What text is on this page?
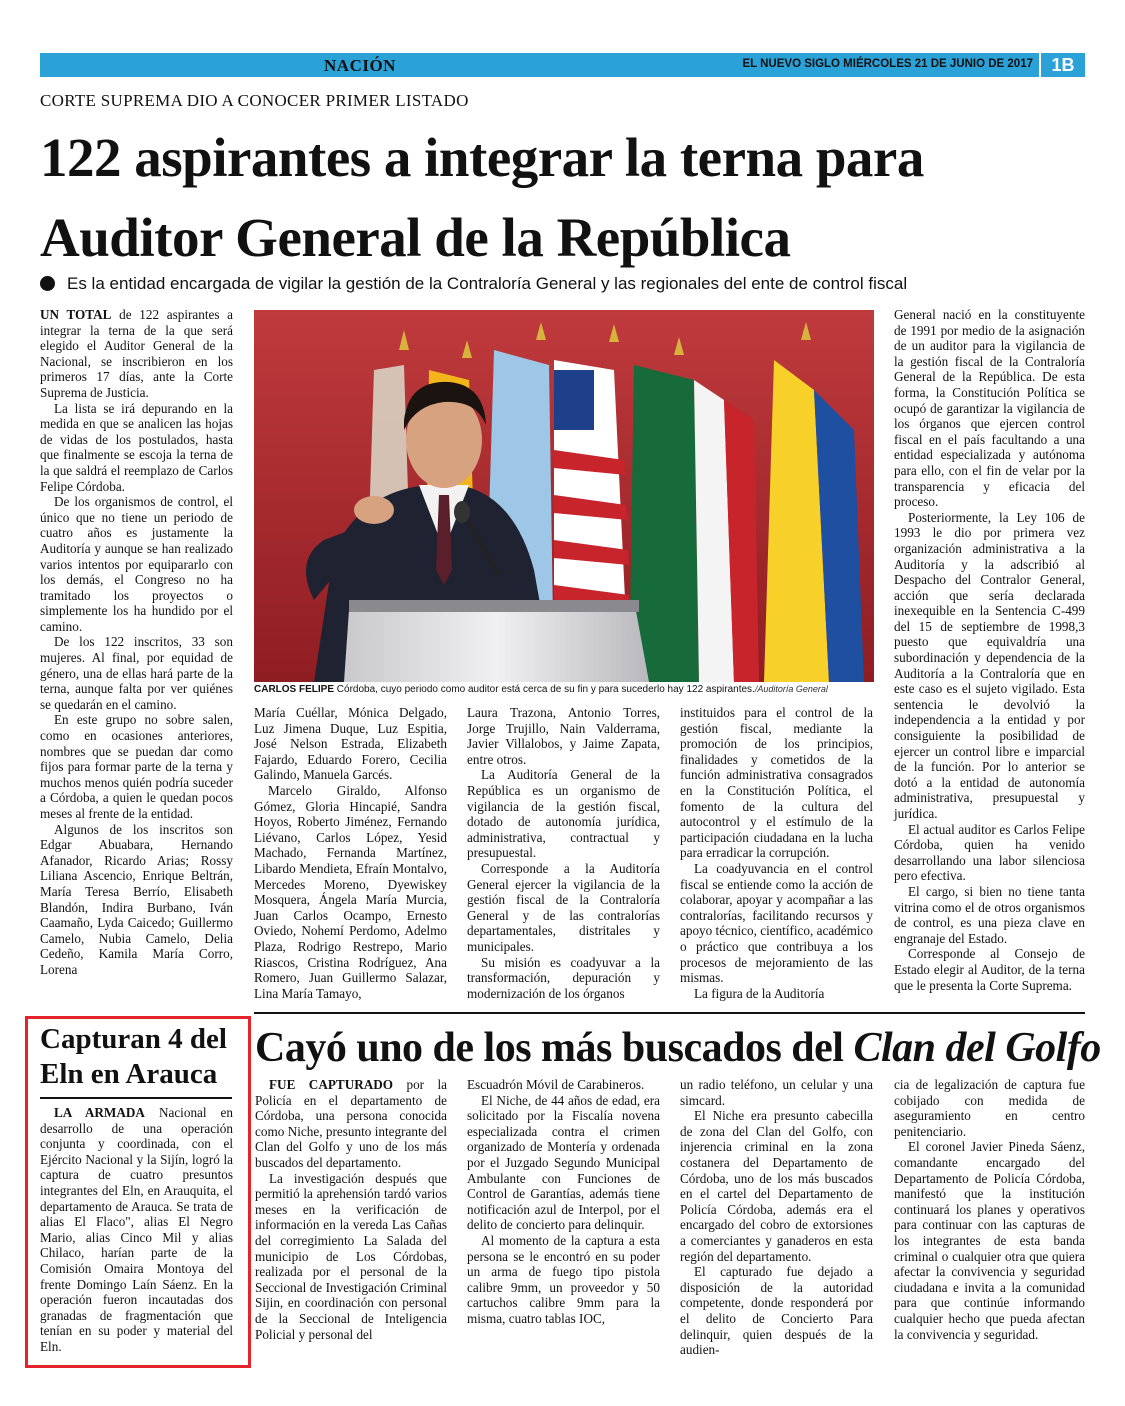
NACIÓN	EL NUEVO SIGLO MIÉRCOLES 21 DE JUNIO DE 2017	1B
CORTE SUPREMA DIO A CONOCER PRIMER LISTADO
122 aspirantes a integrar la terna para
Auditor General de la República
Es la entidad encargada de vigilar la gestión de la Contraloría General y las regionales del ente de control fiscal

UN TOTAL de 122 aspirantes a integrar la terna de la que será elegido el Auditor General de la Nacional, se inscribieron en los primeros 17 días, ante la Corte Suprema de Justicia.

La lista se irá depurando en la medida en que se analicen las hojas de vidas de los postulados, hasta que finalmente se escoja la terna de la que saldrá el reemplazo de Carlos Felipe Córdoba.

De los organismos de control, el único que no tiene un periodo de cuatro años es justamente la Auditoría y aunque se han realizado varios intentos por equipararlo con los demás, el Congreso no ha tramitado los proyectos o simplemente los ha hundido por el camino.

De los 122 inscritos, 33 son mujeres. Al final, por equidad de género, una de ellas hará parte de la terna, aunque falta por ver quiénes se quedarán en el camino.

En este grupo no sobre salen, como en ocasiones anteriores, nombres que se puedan dar como fijos para formar parte de la terna y muchos menos quién podría suceder a Córdoba, a quien le quedan pocos meses al frente de la entidad.

Algunos de los inscritos son Edgar Abuabara, Hernando Afanador, Ricardo Arias; Rossy Liliana Ascencio, Enrique Beltrán, María Teresa Berrío, Elisabeth Blandón, Indira Burbano, Iván Caamaño, Lyda Caicedo; Guillermo Camelo, Nubia Camelo, Delia Cedeño, Kamila María Corro, Lorena

CARLOS FELIPE Córdoba, cuyo periodo como auditor está cerca de su fin y para sucederlo hay 122 aspirantes./Auditoría General

María Cuéllar, Mónica Delgado, Luz Jimena Duque, Luz Espitia, José Nelson Estrada, Elizabeth Fajardo, Eduardo Forero, Cecilia Galindo, Manuela Garcés.

Marcelo Giraldo, Alfonso Gómez, Gloria Hincapié, Sandra Hoyos, Roberto Jiménez, Fernando Liévano, Carlos López, Yesid Machado, Fernanda Martínez, Libardo Mendieta, Efraín Montalvo, Mercedes Moreno, Dyewiskey Mosquera, Ángela María Murcia, Juan Carlos Ocampo, Ernesto Oviedo, Nohemí Perdomo, Adelmo Plaza, Rodrigo Restrepo, Mario Riascos, Cristina Rodríguez, Ana Romero, Juan Guillermo Salazar, Lina María Tamayo,

Laura Trazona, Antonio Torres, Jorge Trujillo, Nain Valderrama, Javier Villalobos, y Jaime Zapata, entre otros.

La Auditoría General de la República es un organismo de vigilancia de la gestión fiscal, dotado de autonomía jurídica, administrativa, contractual y presupuestal.

Corresponde a la Auditoría General ejercer la vigilancia de la gestión fiscal de la Contraloría General y de las contralorías departamentales, distritales y municipales.

Su misión es coadyuvar a la transformación, depuración y modernización de los órganos

instituidos para el control de la gestión fiscal, mediante la promoción de los principios, finalidades y cometidos de la función administrativa consagrados en la Constitución Política, el fomento de la cultura del autocontrol y el estímulo de la participación ciudadana en la lucha para erradicar la corrupción.

La coadyuvancia en el control fiscal se entiende como la acción de colaborar, apoyar y acompañar a las contralorías, facilitando recursos y apoyo técnico, científico, académico o práctico que contribuya a los procesos de mejoramiento de las mismas.

La figura de la Auditoría

General nació en la constituyente de 1991 por medio de la asignación de un auditor para la vigilancia de la gestión fiscal de la Contraloría General de la República. De esta forma, la Constitución Política se ocupó de garantizar la vigilancia de los órganos que ejercen control fiscal en el país facultando a una entidad especializada y autónoma para ello, con el fin de velar por la transparencia y eficacia del proceso.

Posteriormente, la Ley 106 de 1993 le dio por primera vez organización administrativa a la Auditoría y la adscribió al Despacho del Contralor General, acción que sería declarada inexequible en la Sentencia C-499 del 15 de septiembre de 1998,3 puesto que equivaldría una subordinación y dependencia de la Auditoría a la Contraloría que en este caso es el sujeto vigilado. Esta sentencia le devolvió la independencia a la entidad y por consiguiente la posibilidad de ejercer un control libre e imparcial de la función. Por lo anterior se dotó a la entidad de autonomía administrativa, presupuestal y jurídica.

El actual auditor es Carlos Felipe Córdoba, quien ha venido desarrollando una labor silenciosa pero efectiva.

El cargo, si bien no tiene tanta vitrina como el de otros organismos de control, es una pieza clave en engranaje del Estado.

Corresponde al Consejo de Estado elegir al Auditor, de la terna que le presenta la Corte Suprema.

Capturan 4 del Eln en Arauca

LA ARMADA Nacional en desarrollo de una operación conjunta y coordinada, con el Ejército Nacional y la Sijín, logró la captura de cuatro presuntos integrantes del Eln, en Arauquita, el departamento de Arauca. Se trata de alias El Flaco", alias El Negro Mario, alias Cinco Mil y alias Chilaco, harían parte de la Comisión Omaira Montoya del frente Domingo Laín Sáenz. En la operación fueron incautadas dos granadas de fragmentación que tenían en su poder y material del Eln.

Cayó uno de los más buscados del Clan del Golfo

FUE CAPTURADO por la Policía en el departamento de Córdoba, una persona conocida como Niche, presunto integrante del Clan del Golfo y uno de los más buscados del departamento.

La investigación después que permitió la aprehensión tardó varios meses en la verificación de información en la vereda Las Cañas del corregimiento La Salada del municipio de Los Córdobas, realizada por el personal de la Seccional de Investigación Criminal Sijin, en coordinación con personal de la Seccional de Inteligencia Policial y personal del

Escuadrón Móvil de Carabineros.

El Niche, de 44 años de edad, era solicitado por la Fiscalía novena especializada contra el crimen organizado de Montería y ordenada por el Juzgado Segundo Municipal Ambulante con Funciones de Control de Garantías, además tiene notificación azul de Interpol, por el delito de concierto para delinquir.

Al momento de la captura a esta persona se le encontró en su poder un arma de fuego tipo pistola calibre 9mm, un proveedor y 50 cartuchos calibre 9mm para la misma, cuatro tablas IOC,

un radio teléfono, un celular y una simcard.

El Niche era presunto cabecilla de zona del Clan del Golfo, con injerencia criminal en la zona costanera del Departamento de Córdoba, uno de los más buscados en el cartel del Departamento de Policía Córdoba, además era el encargado del cobro de extorsiones a comerciantes y ganaderos en esta región del departamento.

El capturado fue dejado a disposición de la autoridad competente, donde responderá por el delito de Concierto Para delinquir, quien después de la audien-

cia de legalización de captura fue cobijado con medida de aseguramiento en centro penitenciario.

El coronel Javier Pineda Sáenz, comandante encargado del Departamento de Policía Córdoba, manifestó que la institución continuará los planes y operativos para continuar con las capturas de los integrantes de esta banda criminal o cualquier otra que quiera afectar la convivencia y seguridad ciudadana e invita a la comunidad para que continúe informando cualquier hecho que pueda afectan la convivencia y seguridad.
